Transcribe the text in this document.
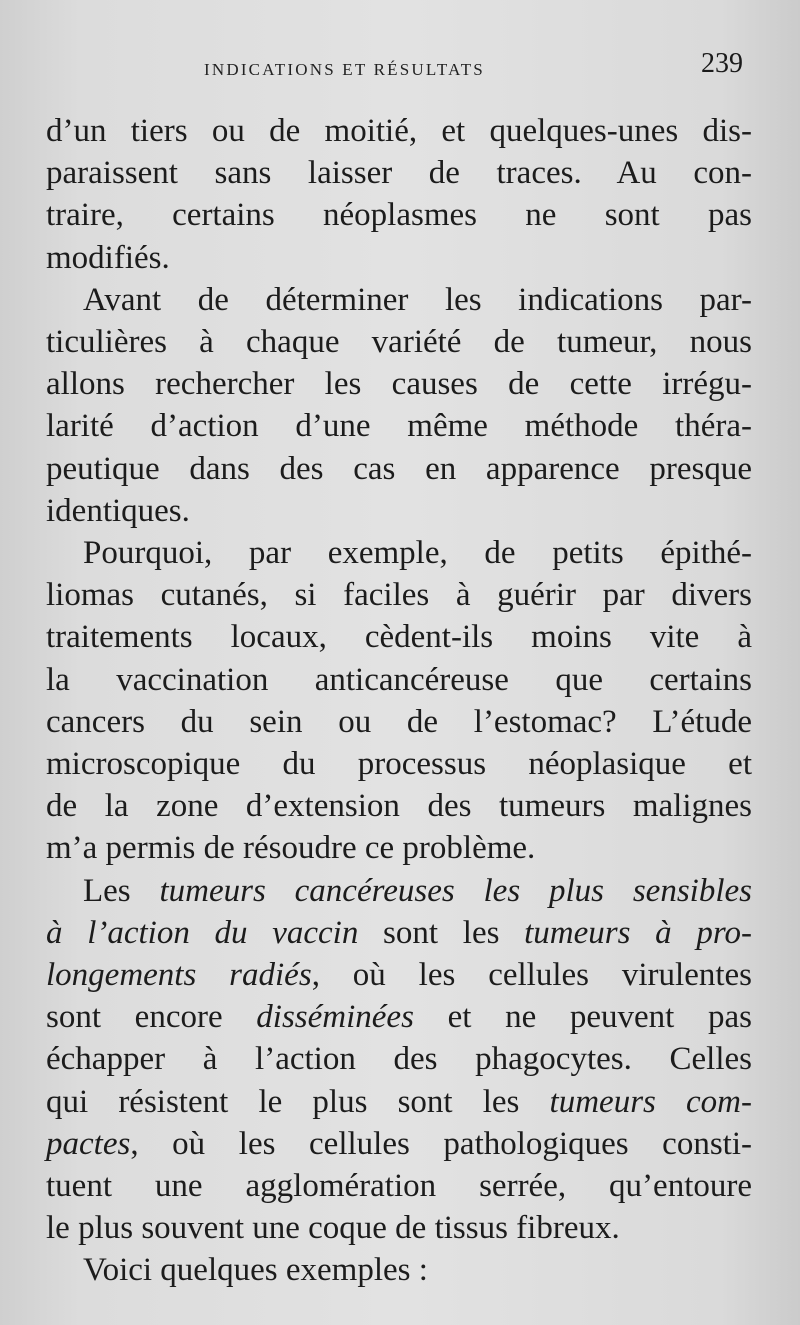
INDICATIONS ET RÉSULTATS	239
d’un tiers ou de moitié, et quelques-unes dis-
paraissent sans laisser de traces. Au con-
traire, certains néoplasmes ne sont pas
modifiés.
Avant de déterminer les indications par-
ticulières à chaque variété de tumeur, nous
allons rechercher les causes de cette irrégu-
larité d’action d’une même méthode théra-
peutique dans des cas en apparence presque
identiques.
Pourquoi, par exemple, de petits épithé-
liomas cutanés, si faciles à guérir par divers
traitements locaux, cèdent-ils moins vite à
la vaccination anticancéreuse que certains
cancers du sein ou de l’estomac? L’étude
microscopique du processus néoplasique et
de la zone d’extension des tumeurs malignes
m’a permis de résoudre ce problème.
Les tumeurs cancéreuses les plus sensibles
à l’action du vaccin sont les tumeurs à pro-
longements radiés, où les cellules virulentes
sont encore disséminées et ne peuvent pas
échapper à l’action des phagocytes. Celles
qui résistent le plus sont les tumeurs com-
pactes, où les cellules pathologiques consti-
tuent une agglomération serrée, qu’entoure
le plus souvent une coque de tissus fibreux.
Voici quelques exemples :
